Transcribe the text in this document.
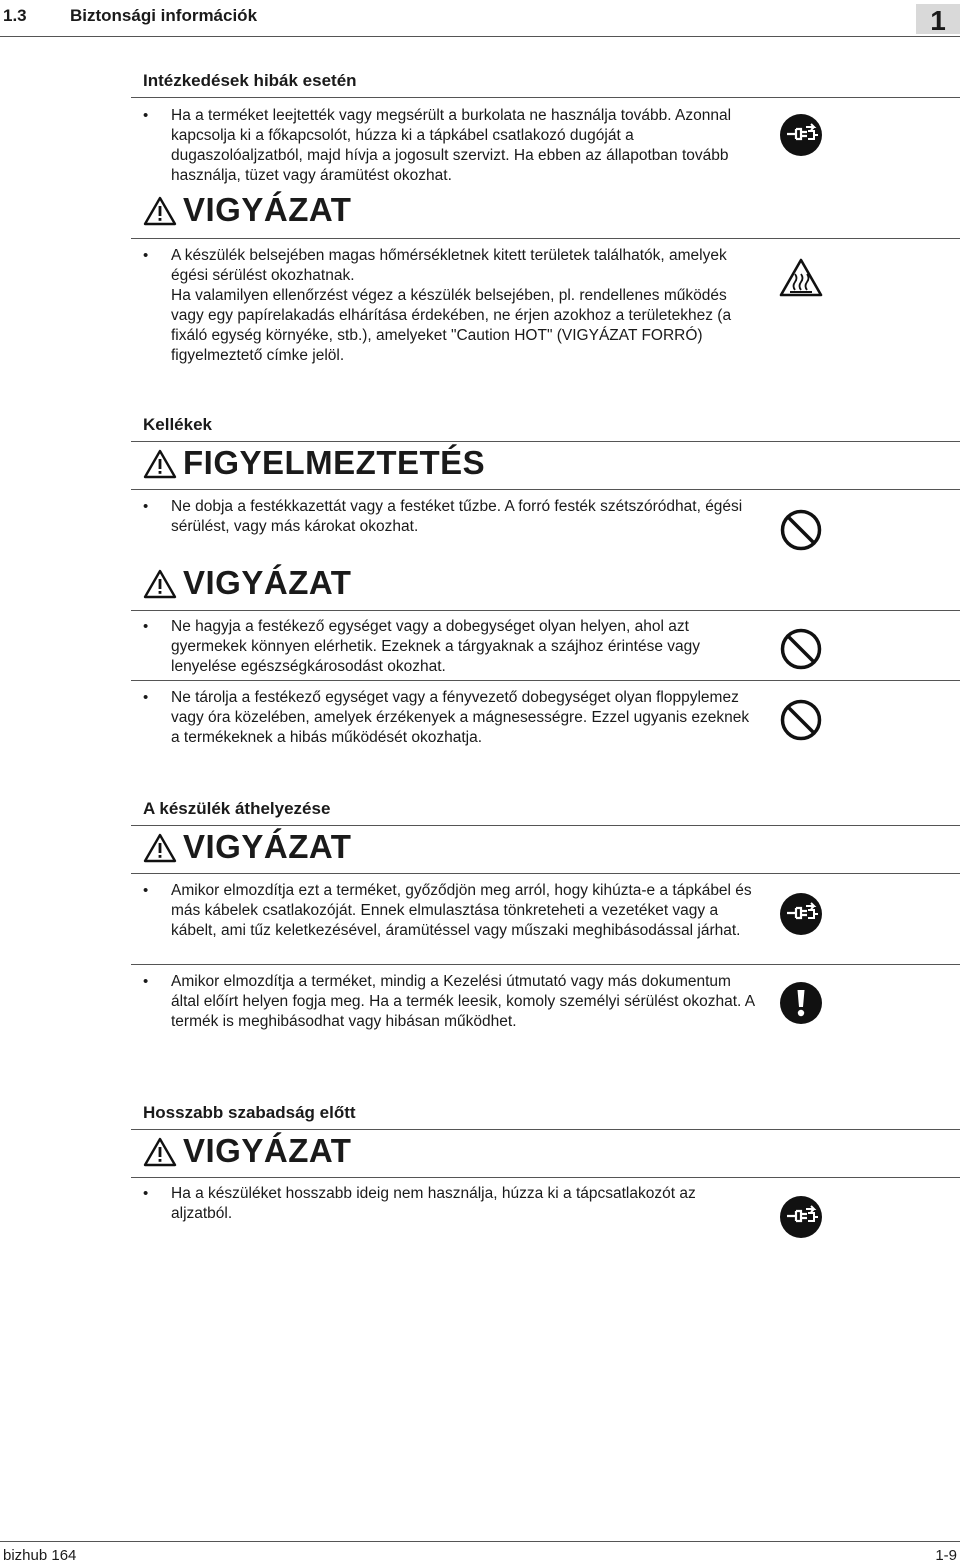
1.3	Biztonsági információk	1
Intézkedések hibák esetén
• Ha a terméket leejtették vagy megsérült a burkolata ne használja tovább. Azonnal kapcsolja ki a főkapcsolót, húzza ki a tápkábel csatlakozó dugóját a dugaszolóaljzatból, majd hívja a jogosult szervizt. Ha ebben az állapotban tovább használja, tüzet vagy áramütést okozhat.
VIGYÁZAT
• A készülék belsejében magas hőmérsékletnek kitett területek találhatók, amelyek égési sérülést okozhatnak.
Ha valamilyen ellenőrzést végez a készülék belsejében, pl. rendellenes működés vagy egy papírelakadás elhárítása érdekében, ne érjen azokhoz a területekhez (a fixáló egység környéke, stb.), amelyeket "Caution HOT" (VIGYÁZAT FORRÓ) figyelmeztető címke jelöl.
Kellékek
FIGYELMEZTETÉS
• Ne dobja a festékkazettát vagy a festéket tűzbe. A forró festék szétszóródhat, égési sérülést, vagy más károkat okozhat.
VIGYÁZAT
• Ne hagyja a festékező egységet vagy a dobegységet olyan helyen, ahol azt gyermekek könnyen elérhetik. Ezeknek a tárgyaknak a szájhoz érintése vagy lenyelése egészségkárosodást okozhat.
• Ne tárolja a festékező egységet vagy a fényvezető dobegységet olyan floppylemez vagy óra közelében, amelyek érzékenyek a mágnesességre. Ezzel ugyanis ezeknek a termékeknek a hibás működését okozhatja.
A készülék áthelyezése
VIGYÁZAT
• Amikor elmozdítja ezt a terméket, győződjön meg arról, hogy kihúzta-e a tápkábel és más kábelek csatlakozóját. Ennek elmulasztása tönkreteheti a vezetéket vagy a kábelt, ami tűz keletkezésével, áramütéssel vagy műszaki meghibásodással járhat.
• Amikor elmozdítja a terméket, mindig a Kezelési útmutató vagy más dokumentum által előírt helyen fogja meg. Ha a termék leesik, komoly személyi sérülést okozhat. A termék is meghibásodhat vagy hibásan működhet.
Hosszabb szabadság előtt
VIGYÁZAT
• Ha a készüléket hosszabb ideig nem használja, húzza ki a tápcsatlakozót az aljzatból.
bizhub 164	1-9
